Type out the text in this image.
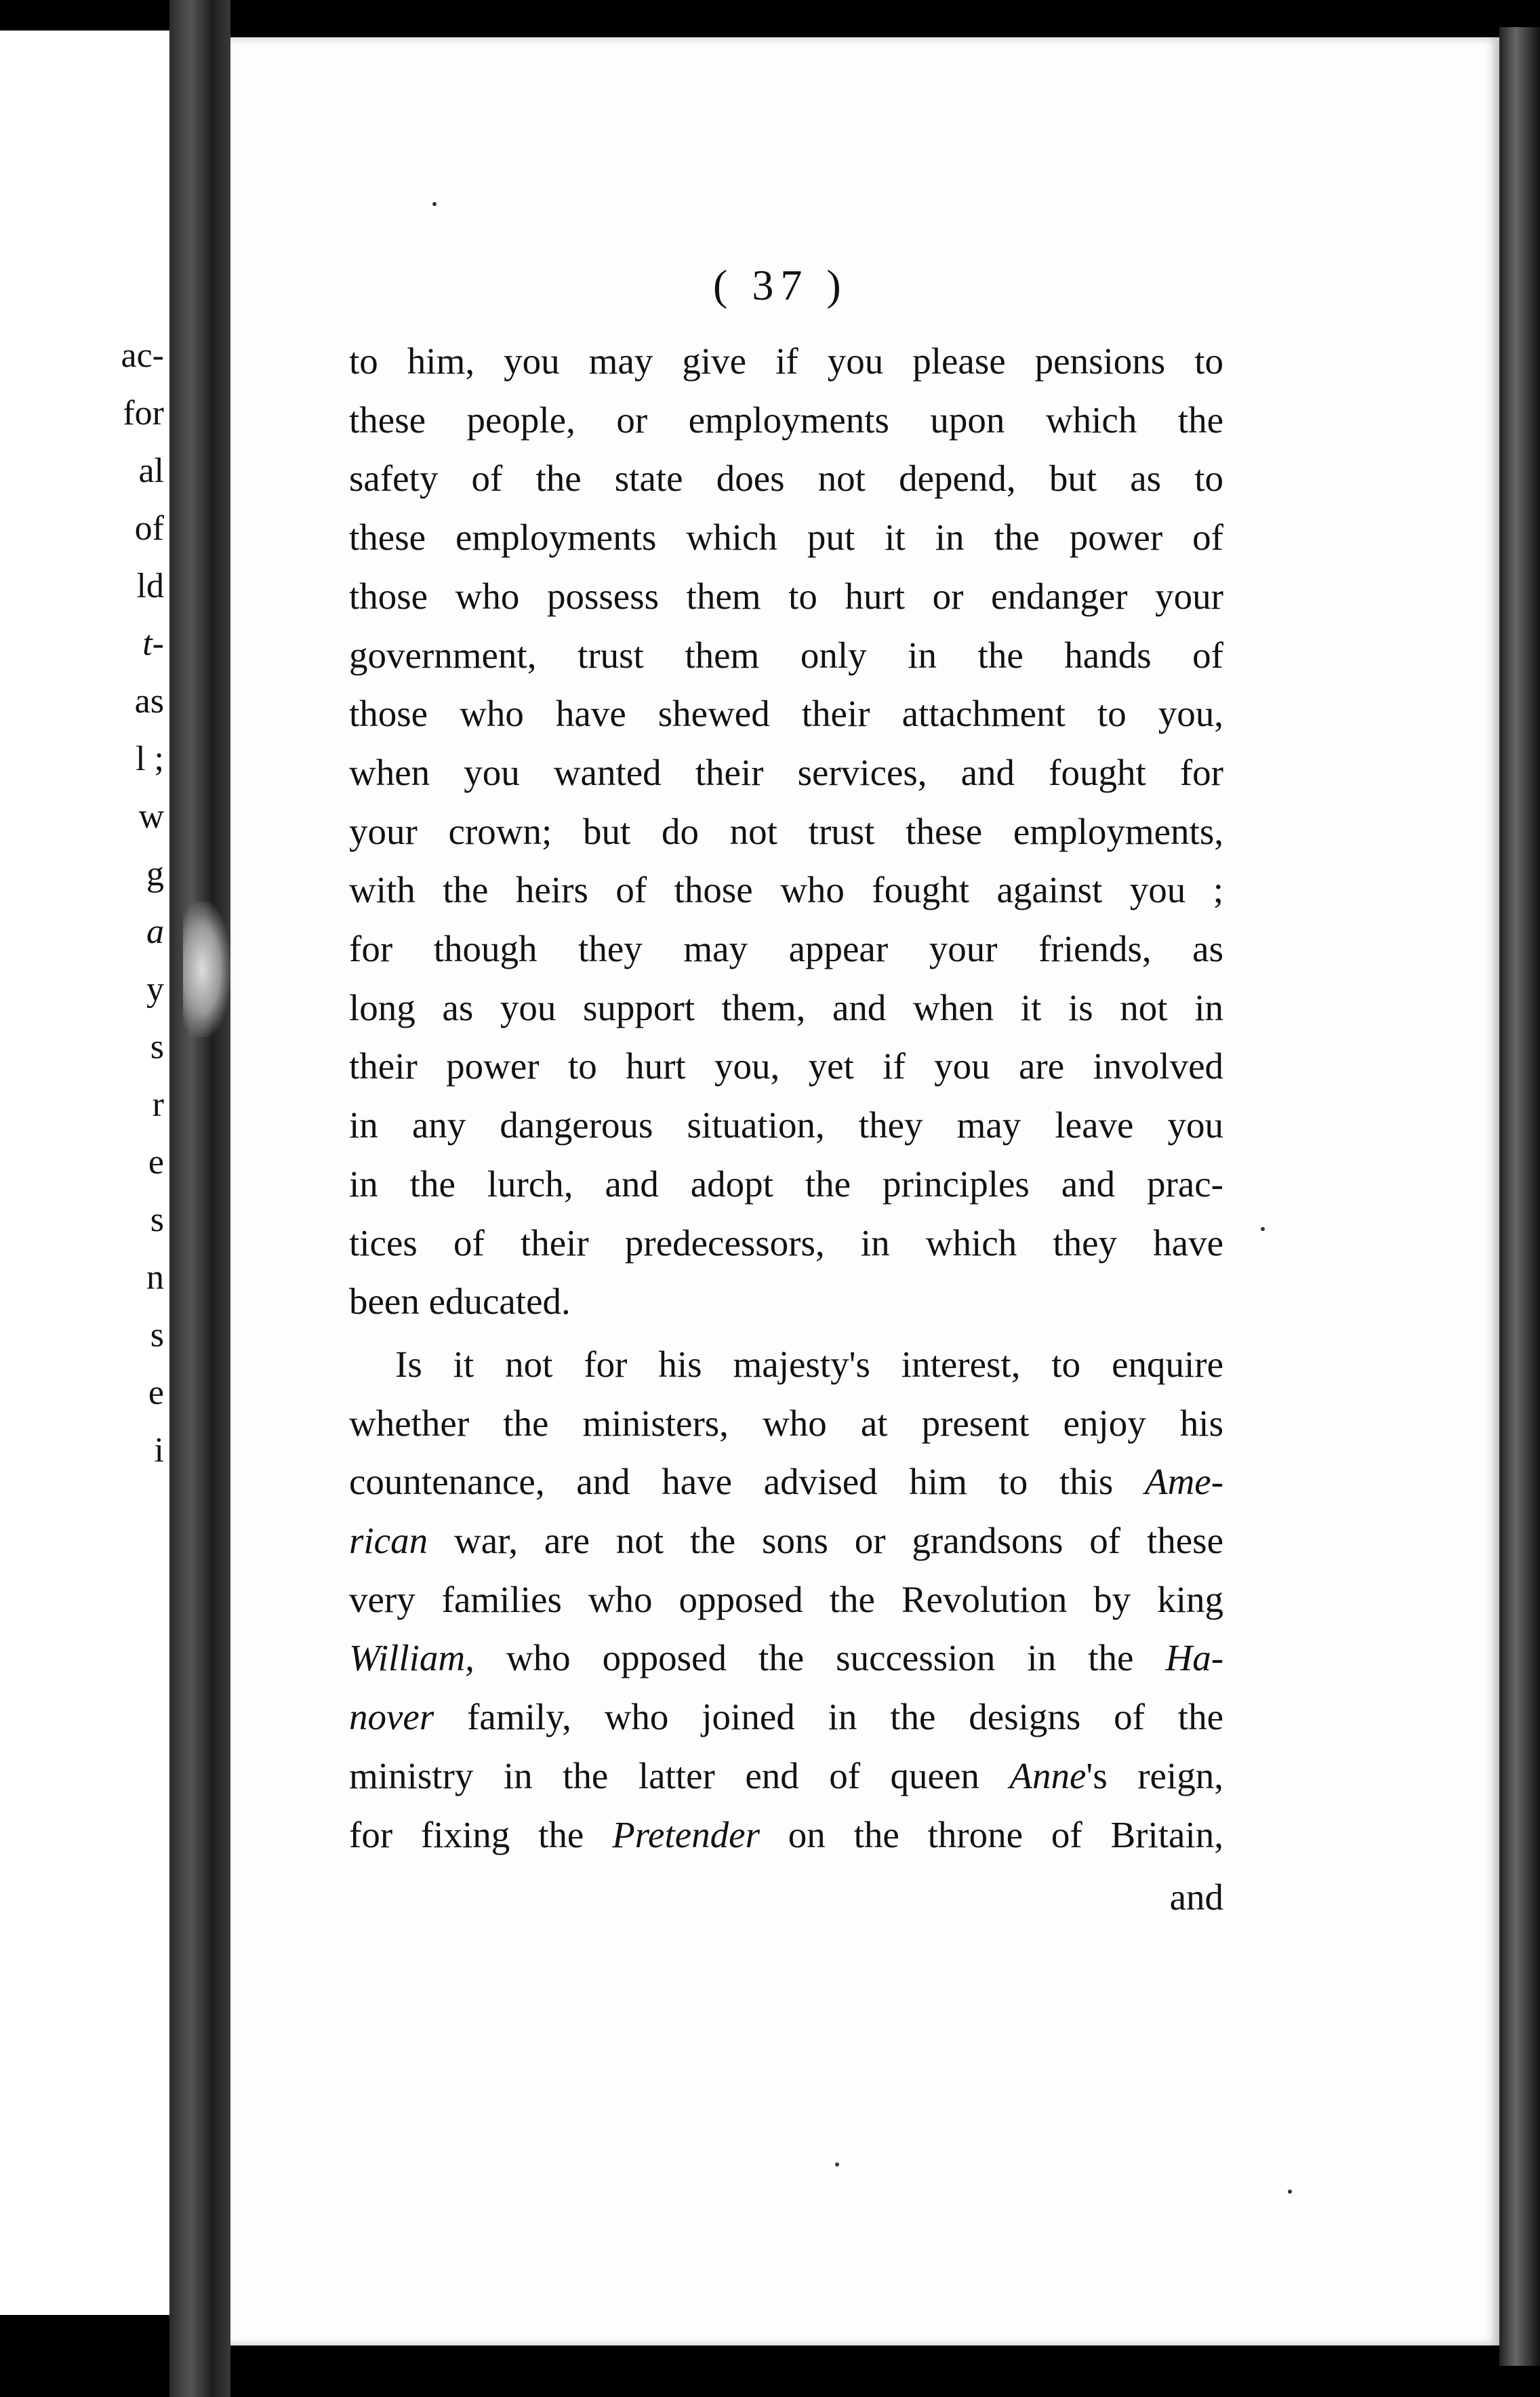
ac-
for
al
of
ld
t-
as
l ;
w
g
a
y
s
r
e
s
n
s
e
i
( 37 )
to him, you may give if you please pensions to
these people, or employments upon which the
safety of the state does not depend, but as to
these employments which put it in the power of
those who possess them to hurt or endanger your
government, trust them only in the hands of
those who have shewed their attachment to you,
when you wanted their services, and fought for
your crown; but do not trust these employments,
with the heirs of those who fought against you ;
for though they may appear your friends, as
long as you support them, and when it is not in
their power to hurt you, yet if you are involved
in any dangerous situation, they may leave you
in the lurch, and adopt the principles and prac-
tices of their predecessors, in which they have
been educated.
Is it not for his majesty's interest, to enquire
whether the ministers, who at present enjoy his
countenance, and have advised him to this Ame-
rican war, are not the sons or grandsons of these
very families who opposed the Revolution by king
William, who opposed the succession in the Ha-
nover family, who joined in the designs of the
ministry in the latter end of queen Anne's reign,
for fixing the Pretender on the throne of Britain,
and
